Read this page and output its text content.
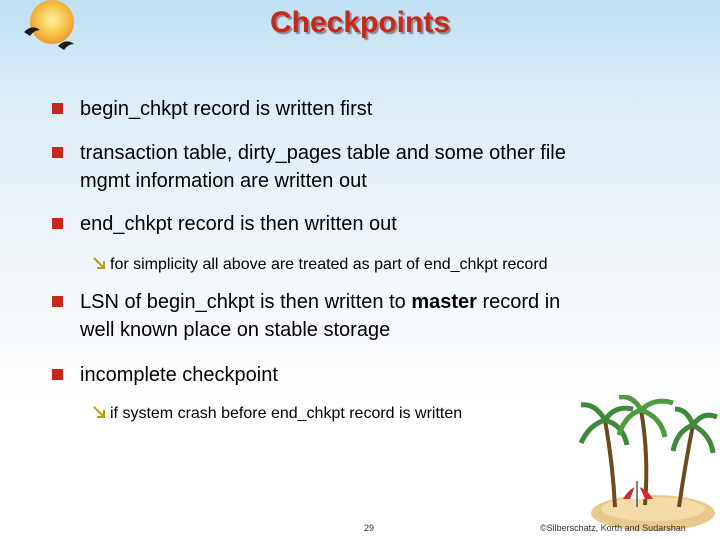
Checkpoints
begin_chkpt record is written first
transaction table, dirty_pages table and some other file
mgmt information are written out
end_chkpt record is then written out
for simplicity all above are treated as part of end_chkpt record
LSN of begin_chkpt is then written to master record in
well known place on stable storage
incomplete checkpoint
if system crash before end_chkpt record is written
29	©Silberschatz, Korth and Sudarshan
